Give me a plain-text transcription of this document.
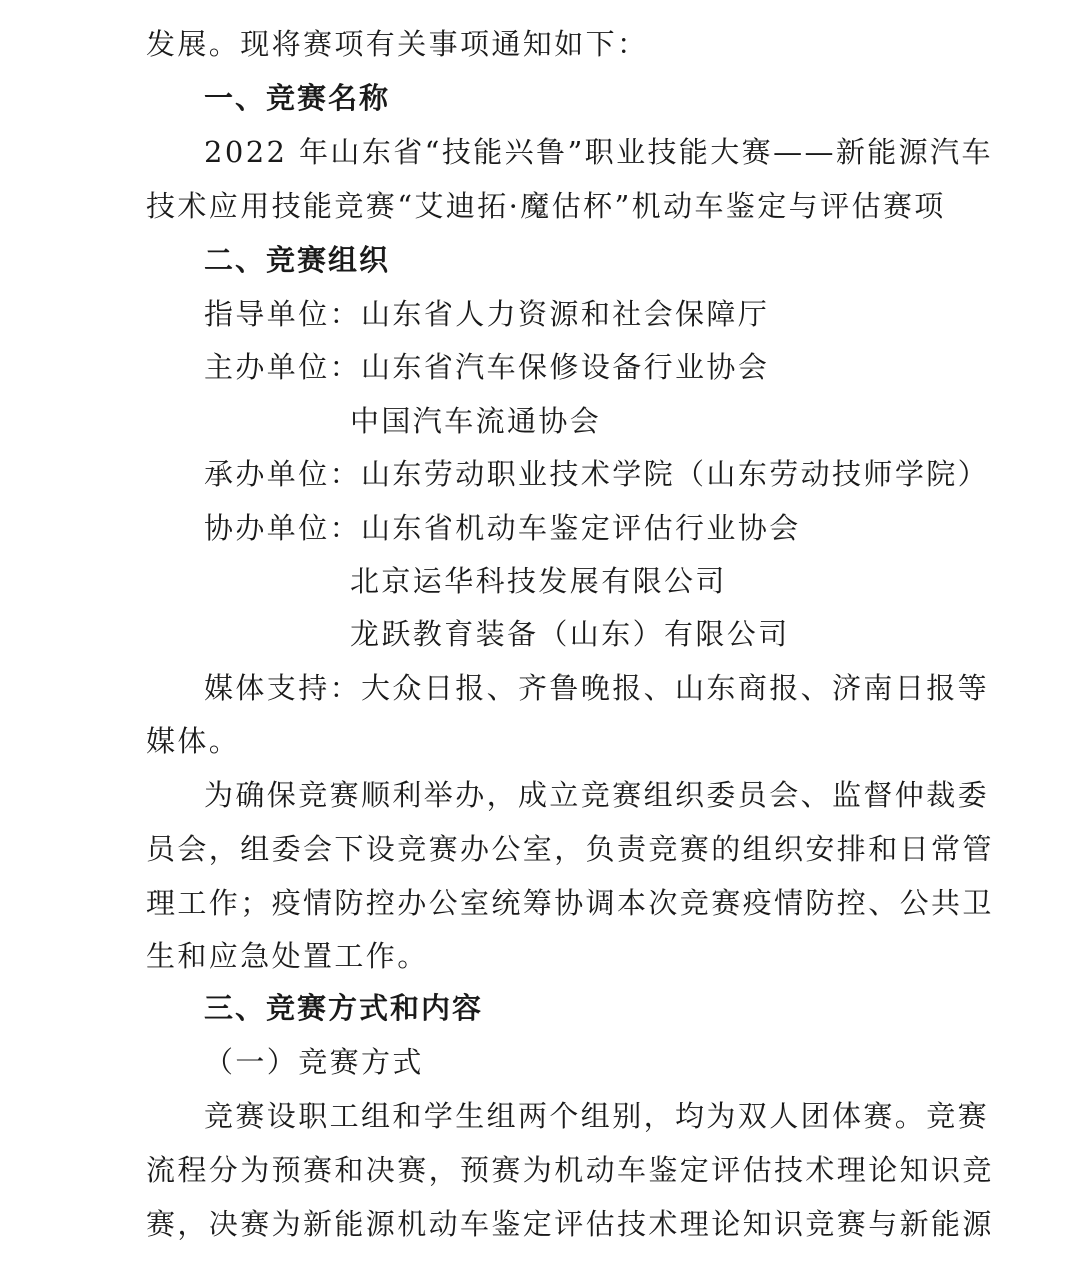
发展。现将赛项有关事项通知如下：
一、竞赛名称
2022 年山东省“技能兴鲁”职业技能大赛——新能源汽车
技术应用技能竞赛“艾迪拓·魔估杯”机动车鉴定与评估赛项
二、竞赛组织
指导单位：山东省人力资源和社会保障厅
主办单位：山东省汽车保修设备行业协会
中国汽车流通协会
承办单位：山东劳动职业技术学院（山东劳动技师学院）
协办单位：山东省机动车鉴定评估行业协会
北京运华科技发展有限公司
龙跃教育装备（山东）有限公司
媒体支持：大众日报、齐鲁晚报、山东商报、济南日报等
媒体。
为确保竞赛顺利举办，成立竞赛组织委员会、监督仲裁委
员会，组委会下设竞赛办公室，负责竞赛的组织安排和日常管
理工作；疫情防控办公室统筹协调本次竞赛疫情防控、公共卫
生和应急处置工作。
三、竞赛方式和内容
（一）竞赛方式
竞赛设职工组和学生组两个组别，均为双人团体赛。竞赛
流程分为预赛和决赛，预赛为机动车鉴定评估技术理论知识竞
赛，决赛为新能源机动车鉴定评估技术理论知识竞赛与新能源
